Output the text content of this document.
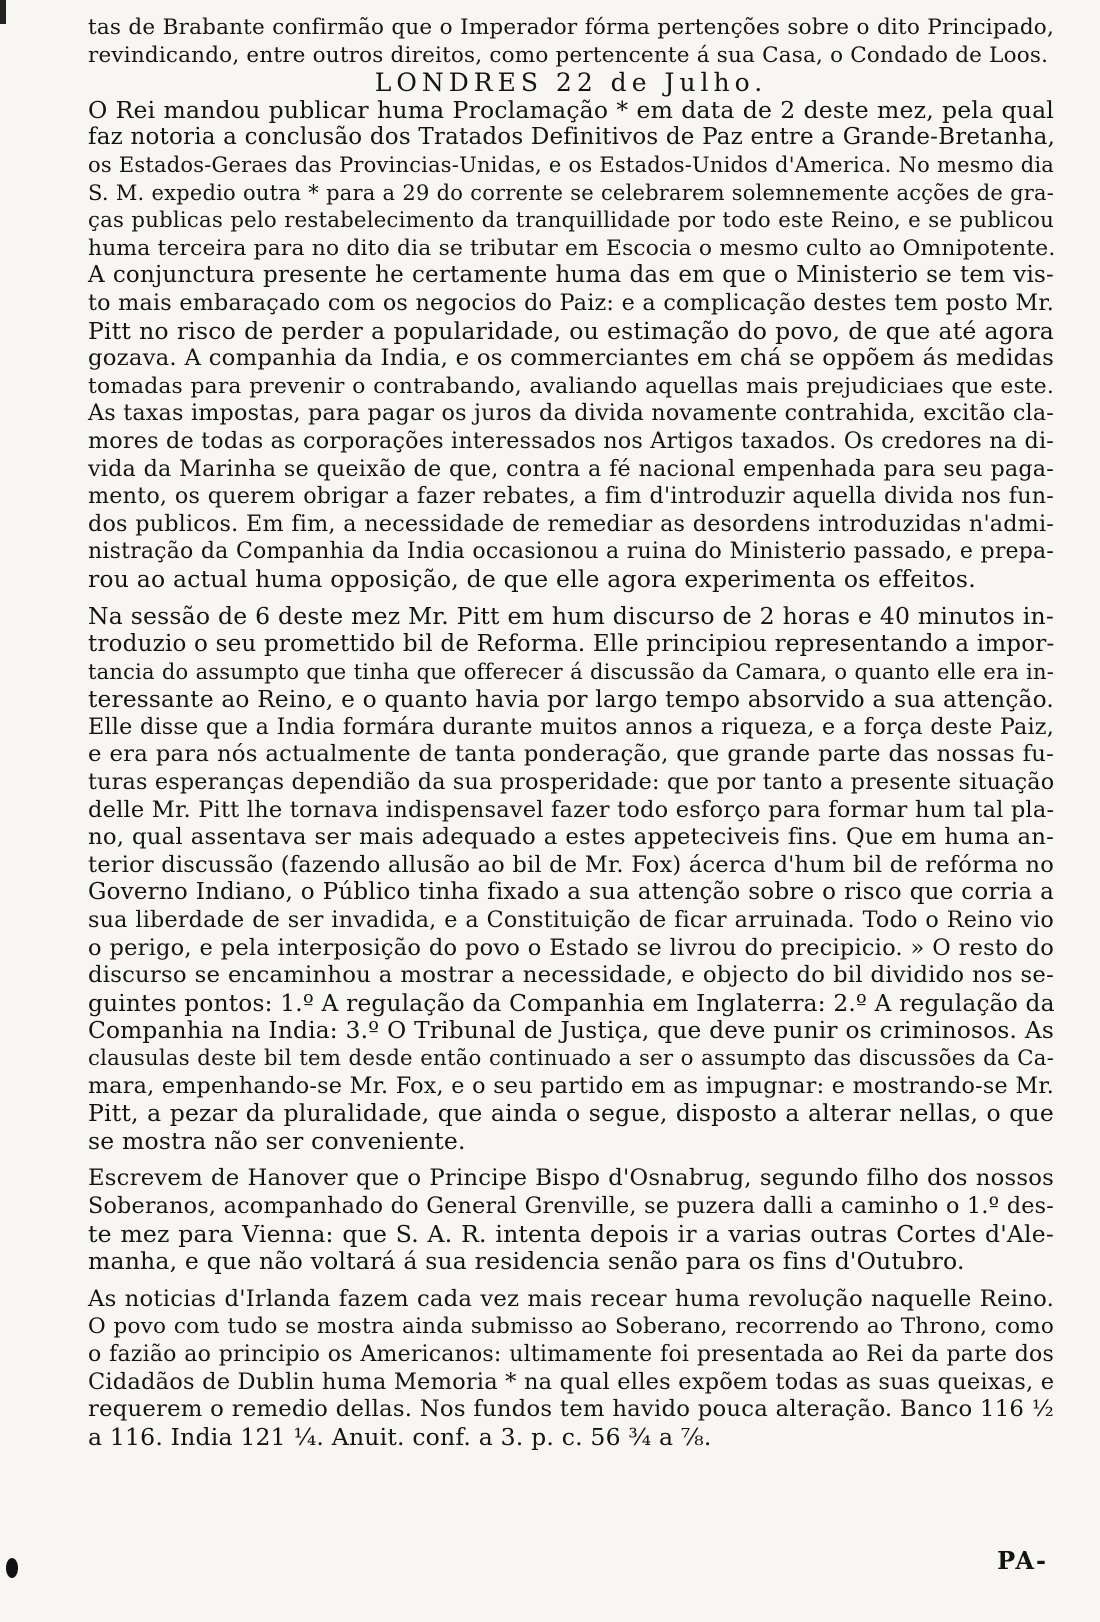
tas de Brabante confirmão que o Imperador fórma pertenções sobre o dito Principado,
revindicando, entre outros direitos, como pertencente á sua Casa, o Condado de Loos.
LONDRES 22 de Julho.
O Rei mandou publicar huma Proclamação * em data de 2 deste mez, pela qual
faz notoria a conclusão dos Tratados Definitivos de Paz entre a Grande-Bretanha,
os Estados-Geraes das Provincias-Unidas, e os Estados-Unidos d'America. No mesmo dia
S. M. expedio outra * para a 29 do corrente se celebrarem solemnemente acções de gra-
ças publicas pelo restabelecimento da tranquillidade por todo este Reino, e se publicou
huma terceira para no dito dia se tributar em Escocia o mesmo culto ao Omnipotente.
A conjunctura presente he certamente huma das em que o Ministerio se tem vis-
to mais embaraçado com os negocios do Paiz: e a complicação destes tem posto Mr.
Pitt no risco de perder a popularidade, ou estimação do povo, de que até agora
gozava. A companhia da India, e os commerciantes em chá se oppõem ás medidas
tomadas para prevenir o contrabando, avaliando aquellas mais prejudiciaes que este.
As taxas impostas, para pagar os juros da divida novamente contrahida, excitão cla-
mores de todas as corporações interessados nos Artigos taxados. Os credores na di-
vida da Marinha se queixão de que, contra a fé nacional empenhada para seu paga-
mento, os querem obrigar a fazer rebates, a fim d'introduzir aquella divida nos fun-
dos publicos. Em fim, a necessidade de remediar as desordens introduzidas n'admi-
nistração da Companhia da India occasionou a ruina do Ministerio passado, e prepa-
rou ao actual huma opposição, de que elle agora experimenta os effeitos.
Na sessão de 6 deste mez Mr. Pitt em hum discurso de 2 horas e 40 minutos in-
troduzio o seu promettido bil de Reforma. Elle principiou representando a impor-
tancia do assumpto que tinha que offerecer á discussão da Camara, o quanto elle era in-
teressante ao Reino, e o quanto havia por largo tempo absorvido a sua attenção.
Elle disse que a India formára durante muitos annos a riqueza, e a força deste Paiz,
e era para nós actualmente de tanta ponderação, que grande parte das nossas fu-
turas esperanças dependião da sua prosperidade: que por tanto a presente situação
delle Mr. Pitt lhe tornava indispensavel fazer todo esforço para formar hum tal pla-
no, qual assentava ser mais adequado a estes appeteciveis fins. Que em huma an-
terior discussão (fazendo allusão ao bil de Mr. Fox) ácerca d'hum bil de refórma no
Governo Indiano, o Público tinha fixado a sua attenção sobre o risco que corria a
sua liberdade de ser invadida, e a Constituição de ficar arruinada. Todo o Reino vio
o perigo, e pela interposição do povo o Estado se livrou do precipicio. » O resto do
discurso se encaminhou a mostrar a necessidade, e objecto do bil dividido nos se-
guintes pontos: 1.º A regulação da Companhia em Inglaterra: 2.º A regulação da
Companhia na India: 3.º O Tribunal de Justiça, que deve punir os criminosos. As
clausulas deste bil tem desde então continuado a ser o assumpto das discussões da Ca-
mara, empenhando-se Mr. Fox, e o seu partido em as impugnar: e mostrando-se Mr.
Pitt, a pezar da pluralidade, que ainda o segue, disposto a alterar nellas, o que
se mostra não ser conveniente.
Escrevem de Hanover que o Principe Bispo d'Osnabrug, segundo filho dos nossos
Soberanos, acompanhado do General Grenville, se puzera dalli a caminho o 1.º des-
te mez para Vienna: que S. A. R. intenta depois ir a varias outras Cortes d'Ale-
manha, e que não voltará á sua residencia senão para os fins d'Outubro.
As noticias d'Irlanda fazem cada vez mais recear huma revolução naquelle Reino.
O povo com tudo se mostra ainda submisso ao Soberano, recorrendo ao Throno, como
o fazião ao principio os Americanos: ultimamente foi presentada ao Rei da parte dos
Cidadãos de Dublin huma Memoria * na qual elles expõem todas as suas queixas, e
requerem o remedio dellas. Nos fundos tem havido pouca alteração. Banco 116 ½
a 116. India 121 ¼. Anuit. conf. a 3. p. c. 56 ¾ a ⅞.
PA-
